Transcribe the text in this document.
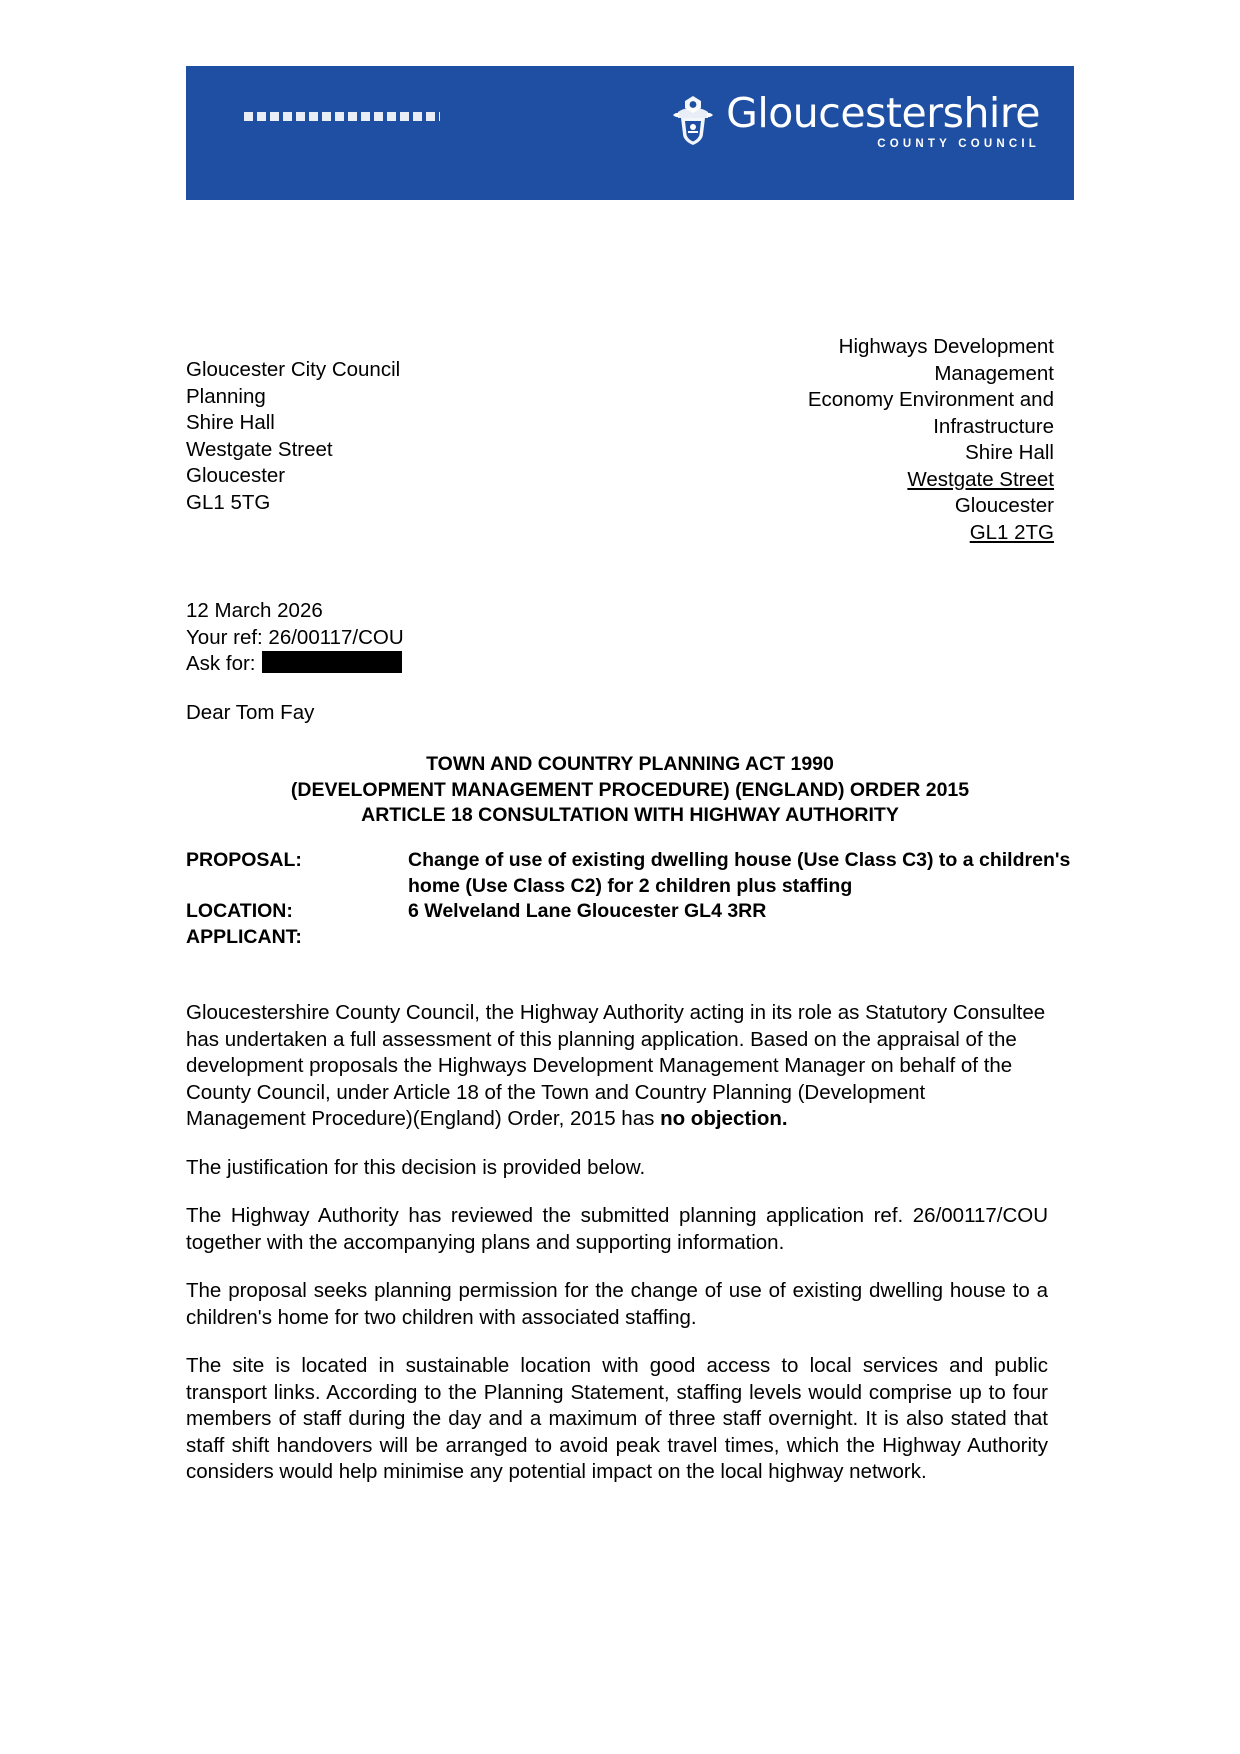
Gloucestershire
COUNTY COUNCIL
Gloucester City Council
Planning
Shire Hall
Westgate Street
Gloucester
GL1 5TG
Highways Development
Management
Economy Environment and
Infrastructure
Shire Hall
Westgate Street
Gloucester
GL1 2TG
12 March 2026
Your ref: 26/00117/COU
Ask for:
Dear Tom Fay
TOWN AND COUNTRY PLANNING ACT 1990
(DEVELOPMENT MANAGEMENT PROCEDURE) (ENGLAND) ORDER 2015
ARTICLE 18 CONSULTATION WITH HIGHWAY AUTHORITY
PROPOSAL:	Change of use of existing dwelling house (Use Class C3) to a children's home (Use Class C2) for 2 children plus staffing
LOCATION:	6 Welveland Lane Gloucester GL4 3RR
APPLICANT:

Gloucestershire County Council, the Highway Authority acting in its role as Statutory Consultee has undertaken a full assessment of this planning application. Based on the appraisal of the development proposals the Highways Development Management Manager on behalf of the County Council, under Article 18 of the Town and Country Planning (Development Management Procedure)(England) Order, 2015 has no objection.

The justification for this decision is provided below.

The Highway Authority has reviewed the submitted planning application ref. 26/00117/COU together with the accompanying plans and supporting information.

The proposal seeks planning permission for the change of use of existing dwelling house to a children's home for two children with associated staffing.

The site is located in sustainable location with good access to local services and public transport links. According to the Planning Statement, staffing levels would comprise up to four members of staff during the day and a maximum of three staff overnight. It is also stated that staff shift handovers will be arranged to avoid peak travel times, which the Highway Authority considers would help minimise any potential impact on the local highway network.
